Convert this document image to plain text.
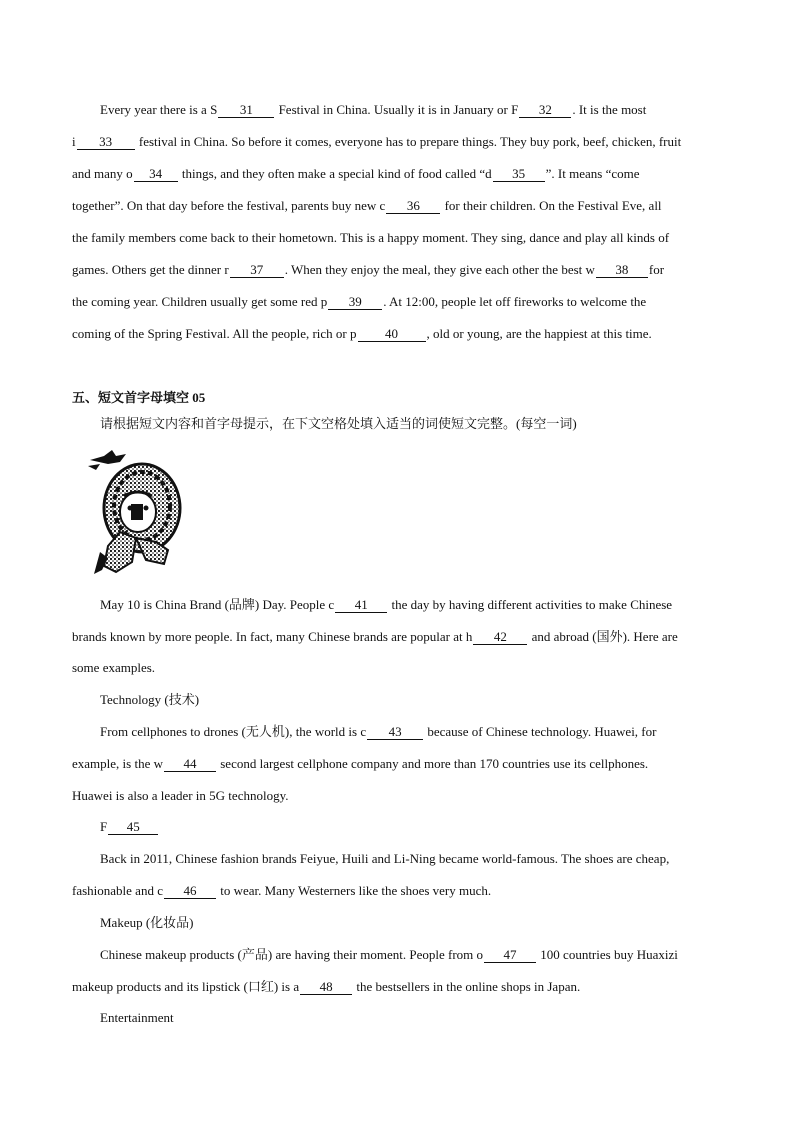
Every year there is a S 31 Festival in China. Usually it is in January or F 32 . It is the most
i 33 festival in China. So before it comes, everyone has to prepare things. They buy pork, beef, chicken, fruit
and many o 34 things, and they often make a special kind of food called “d 35 ”. It means “come
together”. On that day before the festival, parents buy new c 36 for their children. On the Festival Eve, all
the family members come back to their hometown. This is a happy moment. They sing, dance and play all kinds of
games. Others get the dinner r 37 . When they enjoy the meal, they give each other the best w 38 for
the coming year. Children usually get some red p 39 . At 12:00, people let off fireworks to welcome the
coming of the Spring Festival. All the people, rich or p 40 , old or young, are the happiest at this time.
五、短文首字母填空 05
请根据短文内容和首字母提示，在下文空格处填入适当的词使短文完整。(每空一词)
May 10 is China Brand (品牌) Day. People c 41 the day by having different activities to make Chinese
brands known by more people. In fact, many Chinese brands are popular at h 42 and abroad (国外). Here are
some examples.
Technology (技术)
From cellphones to drones (无人机), the world is c 43 because of Chinese technology. Huawei, for
example, is the w 44 second largest cellphone company and more than 170 countries use its cellphones.
Huawei is also a leader in 5G technology.
F 45
Back in 2011, Chinese fashion brands Feiyue, Huili and Li-Ning became world-famous. The shoes are cheap,
fashionable and c 46 to wear. Many Westerners like the shoes very much.
Makeup (化妆品)
Chinese makeup products (产品) are having their moment. People from o 47 100 countries buy Huaxizi
makeup products and its lipstick (口红) is a 48 the bestsellers in the online shops in Japan.
Entertainment
